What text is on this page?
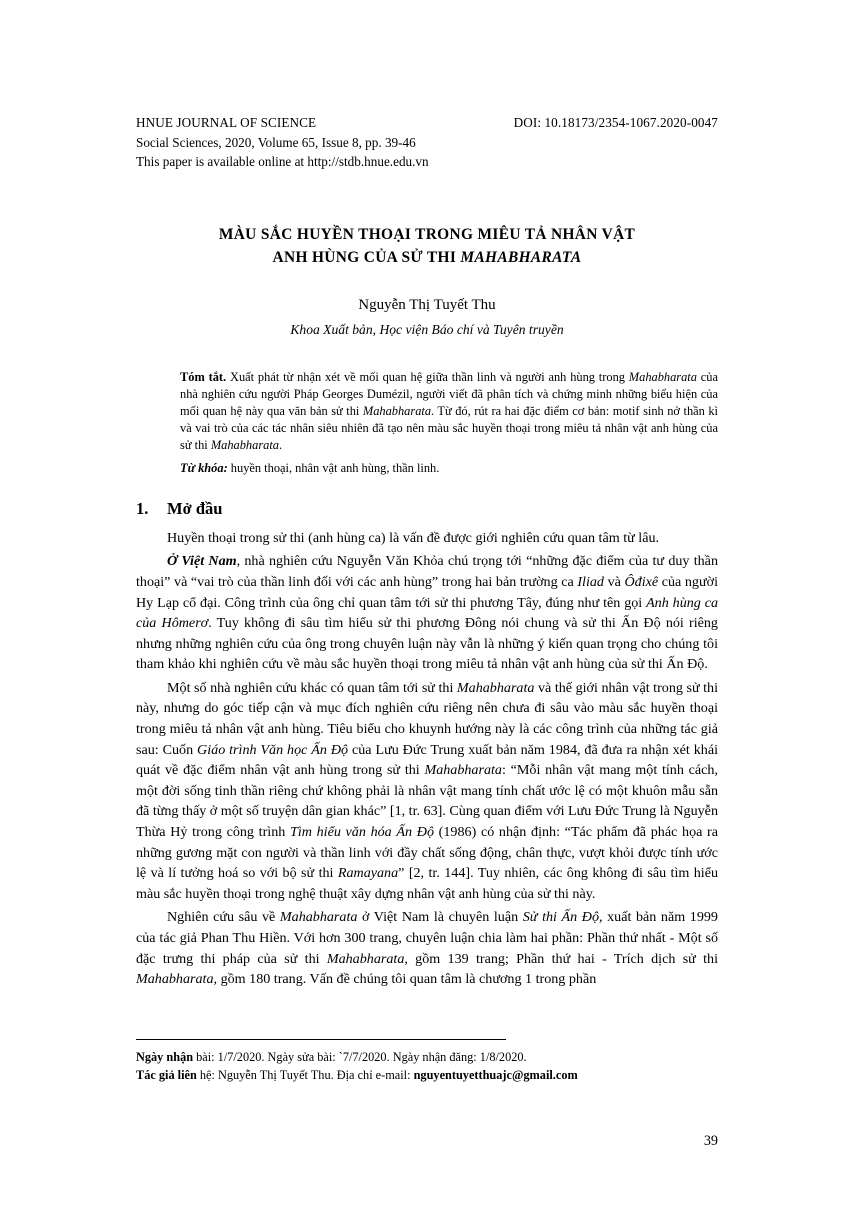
HNUE JOURNAL OF SCIENCE	DOI: 10.18173/2354-1067.2020-0047
Social Sciences, 2020, Volume 65, Issue 8, pp. 39-46
This paper is available online at http://stdb.hnue.edu.vn
MÀU SẮC HUYỀN THOẠI TRONG MIÊU TẢ NHÂN VẬT
ANH HÙNG CỦA SỬ THI MAHABHARATA
Nguyễn Thị Tuyết Thu
Khoa Xuất bản, Học viện Báo chí và Tuyên truyền
Tóm tắt. Xuất phát từ nhận xét về mối quan hệ giữa thần linh và người anh hùng trong Mahabharata của nhà nghiên cứu người Pháp Georges Dumézil, người viết đã phân tích và chứng minh những biểu hiện của mối quan hệ này qua văn bản sử thi Mahabharata. Từ đó, rút ra hai đặc điểm cơ bản: motif sinh nở thần kì và vai trò của các tác nhân siêu nhiên đã tạo nên màu sắc huyền thoại trong miêu tả nhân vật anh hùng của sử thi Mahabharata.
Từ khóa: huyền thoại, nhân vật anh hùng, thần linh.
1.	Mở đầu
Huyền thoại trong sử thi (anh hùng ca) là vấn đề được giới nghiên cứu quan tâm từ lâu.
Ở Việt Nam, nhà nghiên cứu Nguyễn Văn Khỏa chú trọng tới “những đặc điểm của tư duy thần thoại” và “vai trò của thần linh đối với các anh hùng” trong hai bản trường ca Iliad và Ôđixê của người Hy Lạp cổ đại. Công trình của ông chỉ quan tâm tới sử thi phương Tây, đúng như tên gọi Anh hùng ca của Hômerơ. Tuy không đi sâu tìm hiểu sử thi phương Đông nói chung và sử thi Ấn Độ nói riêng nhưng những nghiên cứu của ông trong chuyên luận này vẫn là những ý kiến quan trọng cho chúng tôi tham khảo khi nghiên cứu về màu sắc huyền thoại trong miêu tả nhân vật anh hùng của sử thi Ấn Độ.
Một số nhà nghiên cứu khác có quan tâm tới sử thi Mahabharata và thế giới nhân vật trong sử thi này, nhưng do góc tiếp cận và mục đích nghiên cứu riêng nên chưa đi sâu vào màu sắc huyền thoại trong miêu tả nhân vật anh hùng. Tiêu biểu cho khuynh hướng này là các công trình của những tác giả sau: Cuốn Giáo trình Văn học Ấn Độ của Lưu Đức Trung xuất bản năm 1984, đã đưa ra nhận xét khái quát về đặc điểm nhân vật anh hùng trong sử thi Mahabharata: “Mỗi nhân vật mang một tính cách, một đời sống tinh thần riêng chứ không phải là nhân vật mang tính chất ước lệ có một khuôn mẫu sẵn đã từng thấy ở một số truyện dân gian khác” [1, tr. 63]. Cùng quan điểm với Lưu Đức Trung là Nguyễn Thừa Hỷ trong công trình Tìm hiểu văn hóa Ấn Độ (1986) có nhận định: “Tác phẩm đã phác họa ra những gương mặt con người và thần linh với đầy chất sống động, chân thực, vượt khỏi được tính ước lệ và lí tưởng hoá so với bộ sử thi Ramayana” [2, tr. 144]. Tuy nhiên, các ông không đi sâu tìm hiểu màu sắc huyền thoại trong nghệ thuật xây dựng nhân vật anh hùng của sử thi này.
Nghiên cứu sâu về Mahabharata ở Việt Nam là chuyên luận Sử thi Ấn Độ, xuất bản năm 1999 của tác giả Phan Thu Hiền. Với hơn 300 trang, chuyên luận chia làm hai phần: Phần thứ nhất - Một số đặc trưng thi pháp của sử thi Mahabharata, gồm 139 trang; Phần thứ hai - Trích dịch sử thi Mahabharata, gồm 180 trang. Vấn đề chúng tôi quan tâm là chương 1 trong phần
Ngày nhận bài: 1/7/2020. Ngày sửa bài: `7/7/2020. Ngày nhận đăng: 1/8/2020.
Tác giả liên hệ: Nguyễn Thị Tuyết Thu. Địa chỉ e-mail: nguyentuyetthuajc@gmail.com
39
